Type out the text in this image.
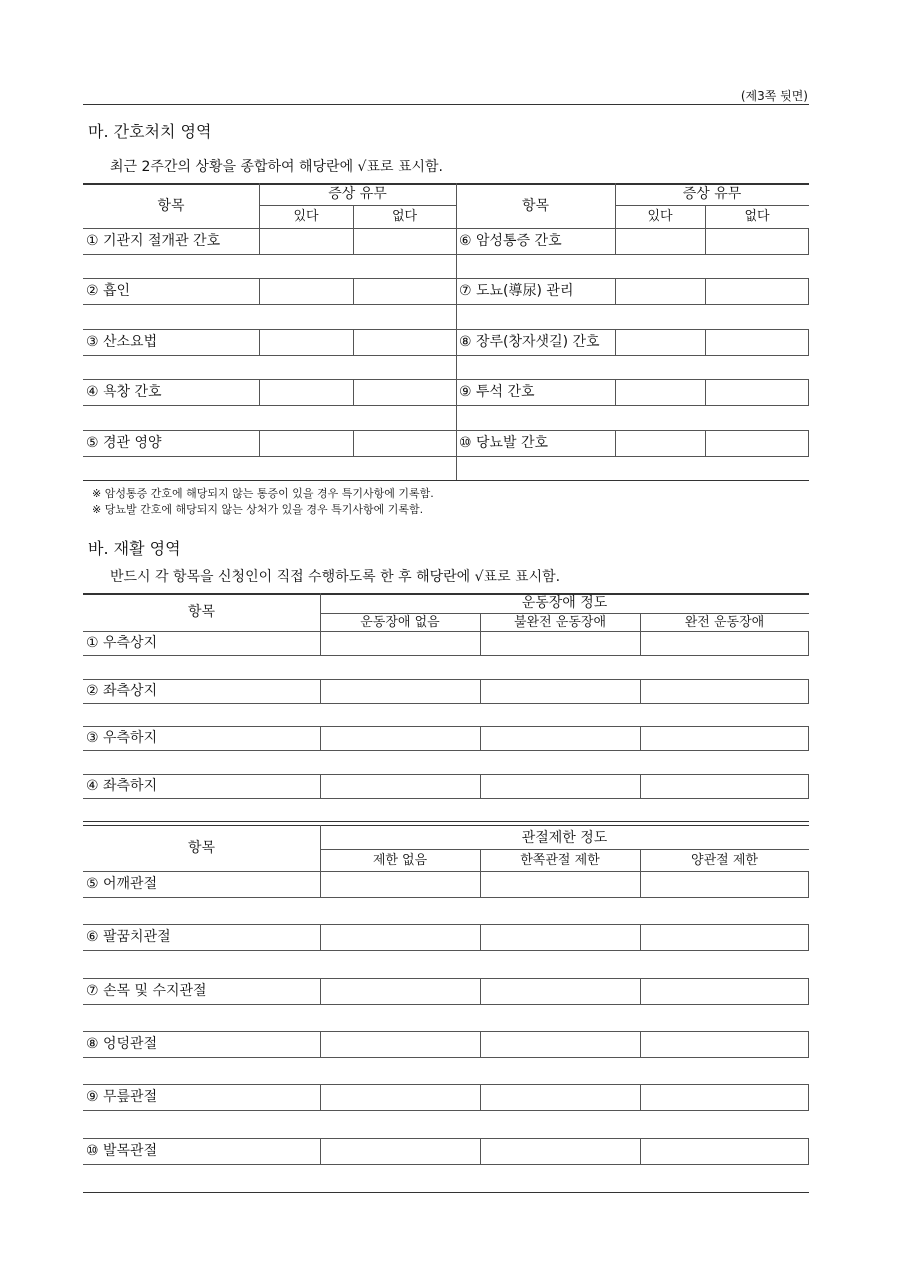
(제3쪽 뒷면)
마. 간호처치 영역
최근 2주간의 상황을 종합하여 해당란에 √표로 표시함.
항목
증상 유무
있다	없다
항목
증상 유무
있다	없다
① 기관지 절개관 간호	⑥ 암성통증 간호
② 흡인	⑦ 도뇨(導尿) 관리
③ 산소요법	⑧ 장루(창자샛길) 간호
④ 욕창 간호	⑨ 투석 간호
⑤ 경관 영양	⑩ 당뇨발 간호
※ 암성통증 간호에 해당되지 않는 통증이 있을 경우 특기사항에 기록함.
※ 당뇨발 간호에 해당되지 않는 상처가 있을 경우 특기사항에 기록함.
바. 재활 영역
반드시 각 항목을 신청인이 직접 수행하도록 한 후 해당란에 √표로 표시함.
항목
운동장애 정도
운동장애 없음	불완전 운동장애	완전 운동장애
① 우측상지
② 좌측상지
③ 우측하지
④ 좌측하지
항목
관절제한 정도
제한 없음	한쪽관절 제한	양관절 제한
⑤ 어깨관절
⑥ 팔꿈치관절
⑦ 손목 및 수지관절
⑧ 엉덩관절
⑨ 무릎관절
⑩ 발목관절
